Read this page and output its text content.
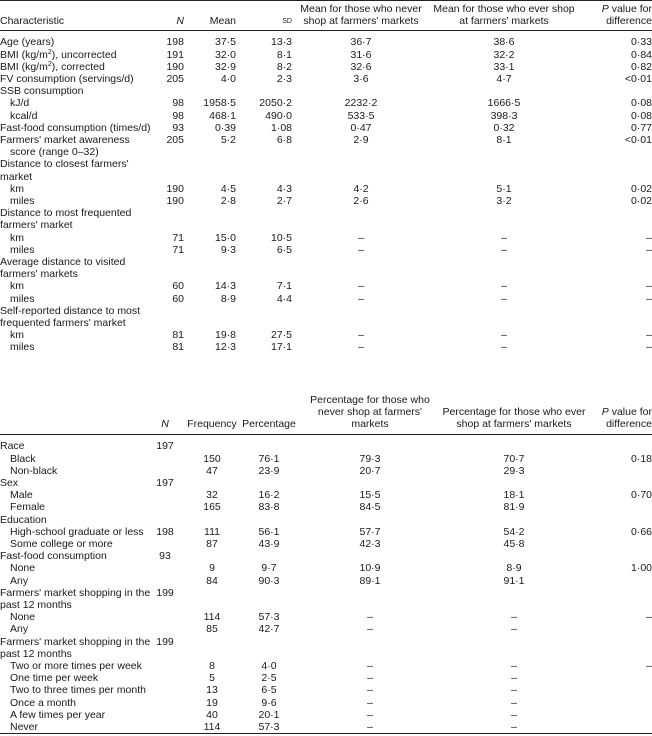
Characteristic	N	Mean	sd	Mean for those who never shop at farmers' markets	Mean for those who ever shop at farmers' markets	P value for difference
Age (years)	198	37·5	13·3	36·7	38·6	0·33
BMI $(kg/m^2)$, uncorrected	191	32·0	8·1	31·6	32·2	0·84
BMI $(kg/m^2)$, corrected	190	32·9	8·2	32·6	33·1	0·82
FV consumption (servings/d)	205	4·0	2·3	3·6	4·7	<0·01
SSB consumption						
kJ/d	98	1958·5	2050·2	2232·2	1666·5	0·08
kcal/d	98	468·1	490·0	533·5	398·3	0·08
Fast-food consumption (times/d)	93	0·39	1·08	0·47	0·32	0·77
Farmers' market awareness	205	5·2	6·8	2·9	8·1	<0·01
score (range 0–32)						
Distance to closest farmers'						
market						
km	190	4·5	4·3	4·2	5·1	0·02
miles	190	2·8	2·7	2·6	3·2	0·02
Distance to most frequented						
farmers' market						
km	71	15·0	10·5	–	–	–
miles	71	9·3	6·5	–	–	–
Average distance to visited						
farmers' markets						
km	60	14·3	7·1	–	–	–
miles	60	8·9	4·4	–	–	–
Self-reported distance to most						
frequented farmers' market						
km	81	19·8	27·5	–	–	–
miles	81	12·3	17·1	–	–	–
	N	Frequency	Percentage	Percentage for those who never shop at farmers' markets	Percentage for those who ever shop at farmers' markets	P value for difference
Race	197					
Black		150	76·1	79·3	70·7	0·18
Non-black		47	23·9	20·7	29·3	
Sex	197					
Male		32	16·2	15·5	18·1	0·70
Female		165	83·8	84·5	81·9	
Education						
High-school graduate or less	198	111	56·1	57·7	54·2	0·66
Some college or more		87	43·9	42·3	45·8	
Fast-food consumption	93					
None		9	9·7	10·9	8·9	1·00
Any		84	90·3	89·1	91·1	
Farmers' market shopping in the	199					
past 12 months						
None		114	57·3	–	–	–
Any		85	42·7	–	–	
Farmers' market shopping in the	199					
past 12 months						
Two or more times per week		8	4·0	–	–	–
One time per week		5	2·5	–	–	
Two to three times per month		13	6·5	–	–	
Once a month		19	9·6	–	–	
A few times per year		40	20·1	–	–	
Never		114	57·3	–	–	
